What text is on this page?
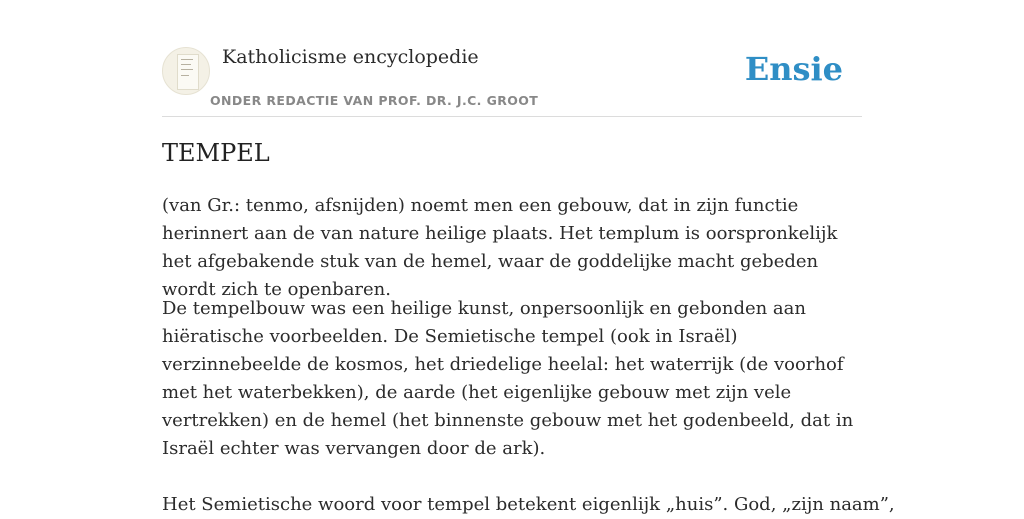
Katholicisme encyclopedie
ONDER REDACTIE VAN PROF. DR. J.C. GROOT
Ensie
TEMPEL

(van Gr.: tenmo, afsnijden) noemt men een gebouw, dat in zijn functie herinnert aan de van nature heilige plaats. Het templum is oorspronkelijk het afgebakende stuk van de hemel, waar de goddelijke macht gebeden wordt zich te openbaren.

De tempelbouw was een heilige kunst, onpersoonlijk en gebonden aan hiëratische voorbeelden. De Semietische tempel (ook in Israël) verzinnebeelde de kosmos, het driedelige heelal: het waterrijk (de voorhof met het waterbekken), de aarde (het eigenlijke gebouw met zijn vele vertrekken) en de hemel (het binnenste gebouw met het godenbeeld, dat in Israël echter was vervangen door de ark).

Het Semietische woord voor tempel betekent eigenlijk „huis”. God, „zijn naam”,
